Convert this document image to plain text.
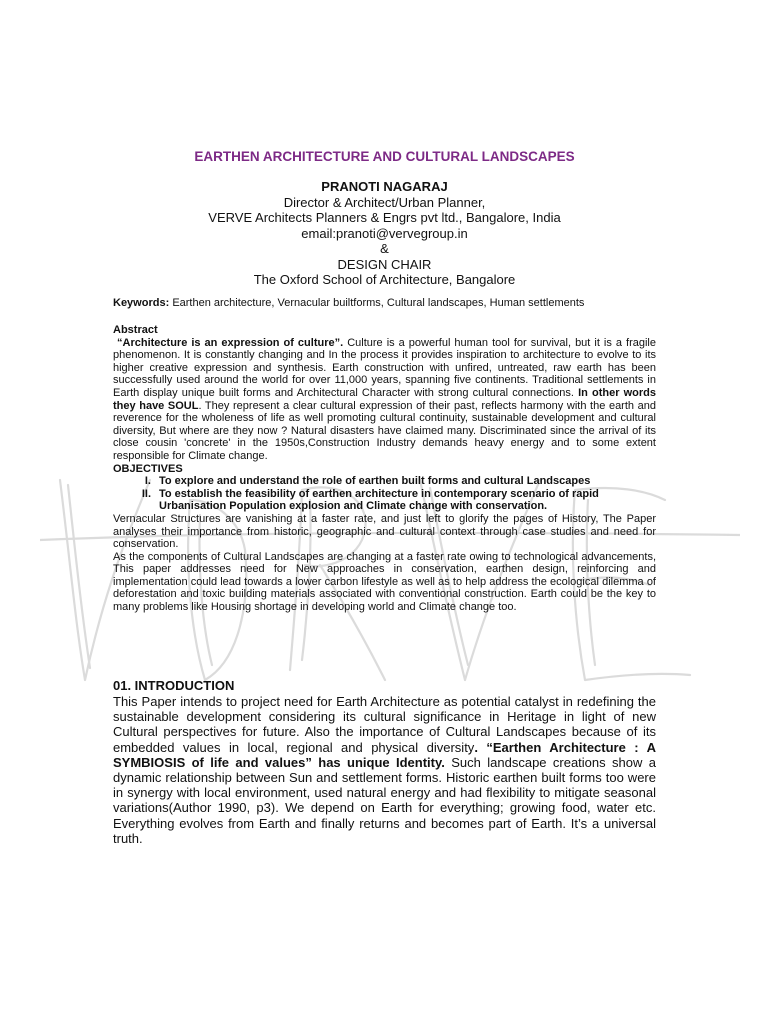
EARTHEN ARCHITECTURE AND CULTURAL LANDSCAPES
PRANOTI NAGARAJ
Director & Architect/Urban Planner,
VERVE Architects Planners & Engrs pvt ltd., Bangalore, India
email:pranoti@vervegroup.in
&
DESIGN CHAIR
The Oxford School of Architecture, Bangalore
Keywords: Earthen architecture, Vernacular builtforms, Cultural landscapes, Human settlements
Abstract

“Architecture is an expression of culture”. Culture is a powerful human tool for survival, but it is a fragile phenomenon. It is constantly changing and In the process it provides inspiration to architecture to evolve to its higher creative expression and synthesis. Earth construction with unfired, untreated, raw earth has been successfully used around the world for over 11,000 years, spanning five continents. Traditional settlements in Earth display unique built forms and Architectural Character with strong cultural connections. In other words they have SOUL. They represent a clear cultural expression of their past, reflects harmony with the earth and reverence for the wholeness of life as well promoting cultural continuity, sustainable development and cultural diversity, But where are they now ? Natural disasters have claimed many. Discriminated since the arrival of its close cousin 'concrete' in the 1950s,Construction Industry demands heavy energy and to some extent responsible for Climate change.

OBJECTIVES
I. To explore and understand the role of earthen built forms and cultural Landscapes
II. To establish the feasibility of earthen architecture in contemporary scenario of rapid Urbanisation Population explosion and Climate change with conservation.

Vernacular Structures are vanishing at a faster rate, and just left to glorify the pages of History, The Paper analyses their importance from historic, geographic and cultural context through case studies and need for conservation.

As the components of Cultural Landscapes are changing at a faster rate owing to technological advancements, This paper addresses need for New approaches in conservation, earthen design, reinforcing and implementation could lead towards a lower carbon lifestyle as well as to help address the ecological dilemma of deforestation and toxic building materials associated with conventional construction. Earth could be the key to many problems like Housing shortage in developing world and Climate change too.

01. INTRODUCTION

This Paper intends to project need for Earth Architecture as potential catalyst in redefining the sustainable development considering its cultural significance in Heritage in light of new Cultural perspectives for future. Also the importance of Cultural Landscapes because of its embedded values in local, regional and physical diversity. “Earthen Architecture : A SYMBIOSIS of life and values” has unique Identity. Such landscape creations show a dynamic relationship between Sun and settlement forms. Historic earthen built forms too were in synergy with local environment, used natural energy and had flexibility to mitigate seasonal variations(Author 1990, p3). We depend on Earth for everything; growing food, water etc. Everything evolves from Earth and finally returns and becomes part of Earth. It’s a universal truth.
